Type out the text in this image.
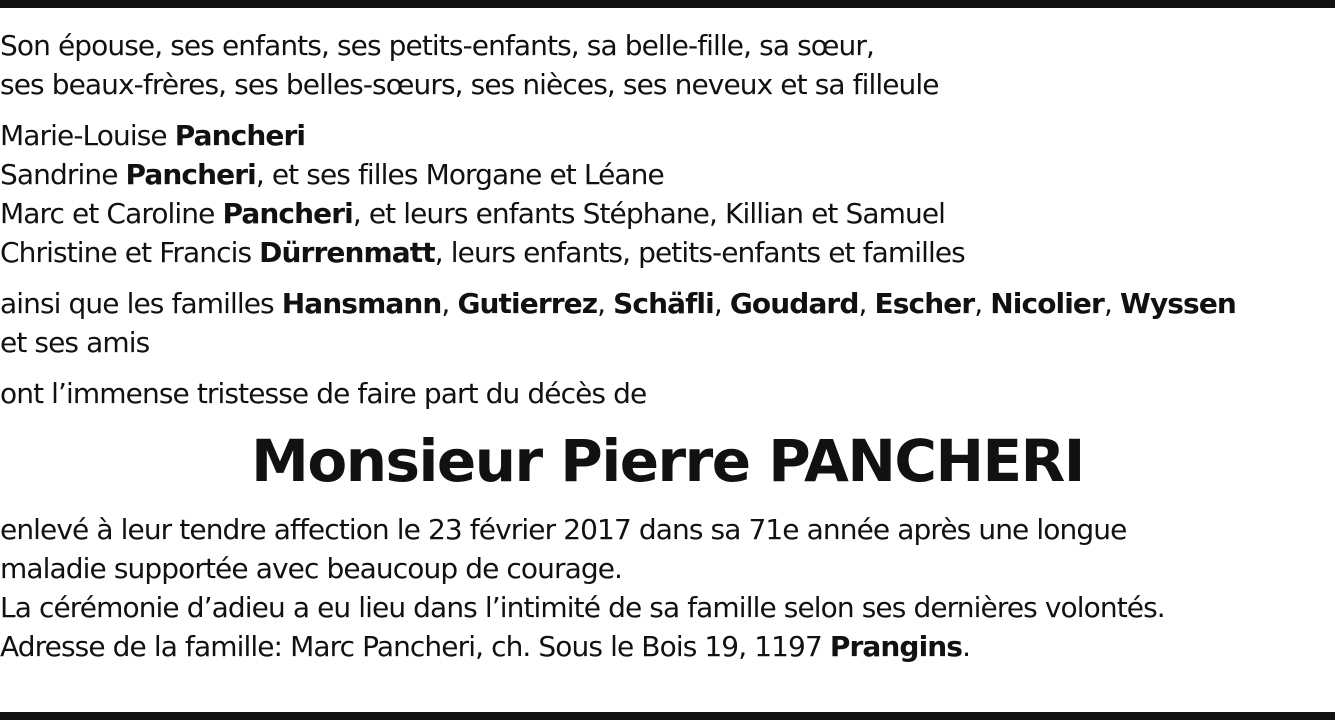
Son épouse, ses enfants, ses petits-enfants, sa belle-fille, sa sœur,
ses beaux-frères, ses belles-sœurs, ses nièces, ses neveux et sa filleule
Marie-Louise Pancheri
Sandrine Pancheri, et ses filles Morgane et Léane
Marc et Caroline Pancheri, et leurs enfants Stéphane, Killian et Samuel
Christine et Francis Dürrenmatt, leurs enfants, petits-enfants et familles
ainsi que les familles Hansmann, Gutierrez, Schäfli, Goudard, Escher, Nicolier, Wyssen
et ses amis
ont l’immense tristesse de faire part du décès de
Monsieur Pierre PANCHERI
enlevé à leur tendre affection le 23 février 2017 dans sa 71e année après une longue
maladie supportée avec beaucoup de courage.
La cérémonie d’adieu a eu lieu dans l’intimité de sa famille selon ses dernières volontés.
Adresse de la famille: Marc Pancheri, ch. Sous le Bois 19, 1197 Prangins.
